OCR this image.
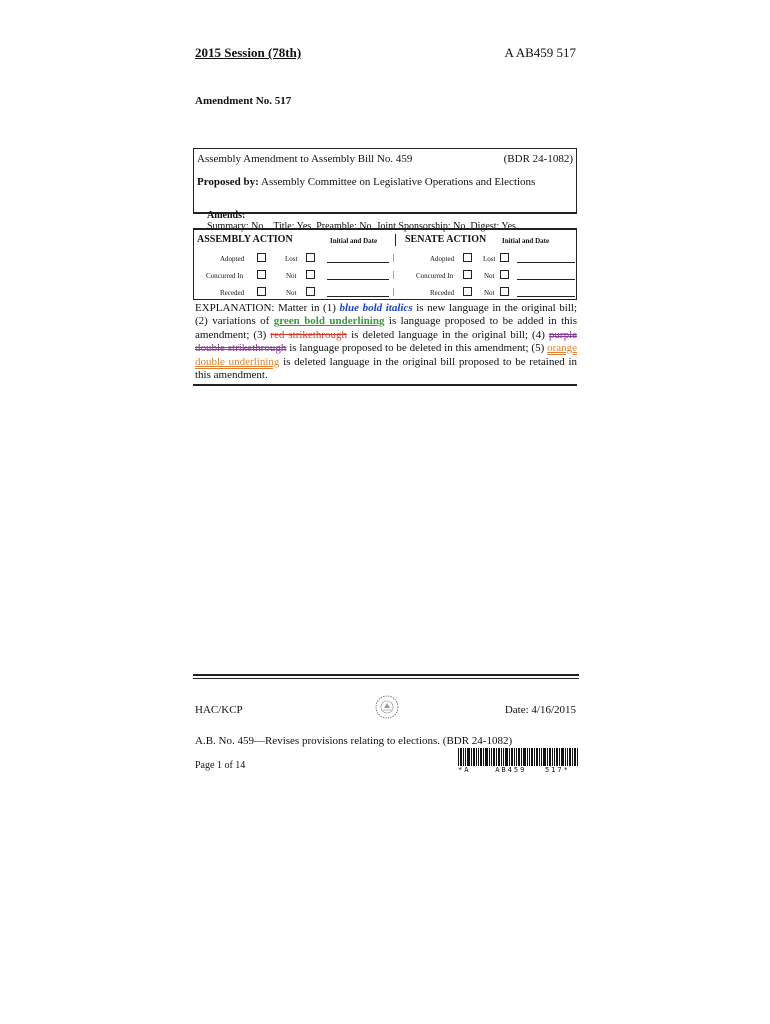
2015 Session (78th)	A AB459 517
Amendment No. 517
Assembly Amendment to Assembly Bill No. 459	(BDR 24-1082)
Proposed by: Assembly Committee on Legislative Operations and Elections

Amends:
Summary: No    Title: Yes  Preamble: No  Joint Sponsorship: No  Digest: Yes

ASSEMBLY ACTION	Initial and Date	SENATE ACTION Initial and Date
Adopted	Lost	|	Adopted	Lost
Concurred In	Not	|	Concurred In	Not
Receded	Not	|	Receded	Not
EXPLANATION: Matter in (1) blue bold italics is new language in the original bill; (2) variations of green bold underlining is language proposed to be added in this amendment; (3) red strikethrough is deleted language in the original bill; (4) purple double strikethrough is language proposed to be deleted in this amendment; (5) orange double underlining is deleted language in the original bill proposed to be retained in this amendment.
HAC/KCP	Date: 4/16/2015
A.B. No. 459—Revises provisions relating to elections. (BDR 24-1082)
Page 1 of 14	*A    AB459   517*
